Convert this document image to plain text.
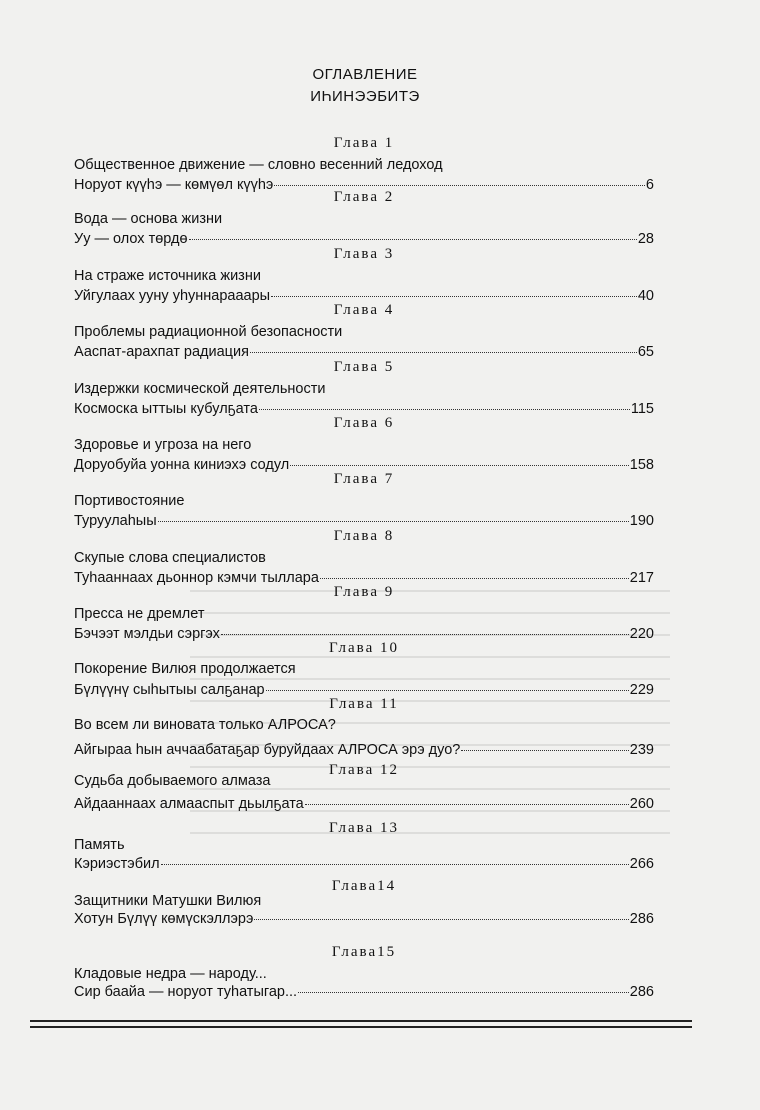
ОГЛАВЛЕНИЕ
ИҺИНЭЭБИТЭ
Глава 1
Общественное движение — словно весенний ледоход
Норуот күүһэ — көмүөл күүһэ	6
Глава 2
Вода — основа жизни
Уу — олох төрдө	28
Глава 3
На страже источника жизни
Уйгулаах ууну уһуннарааары	40
Глава 4
Проблемы радиационной безопасности
Ааспат-арахпат радиация	65
Глава 5
Издержки космической деятельности
Космоска ыттыы кубулҕата	115
Глава 6
Здоровье и угроза на него
Доруобуйа уонна киниэхэ содул	158
Глава 7
Портивостояние
Туруулаһыы	190
Глава 8
Скупые слова специалистов
Туһааннаах дьоннор кэмчи тыллара	217
Глава 9
Пресса не дремлет
Бэчээт мэлдьи сэргэх	220
Глава 10
Покорение Вилюя продолжается
Бүлүүнү сыһытыы салҕанар	229
Глава 11
Во всем ли виновата только АЛРОСА?
Айгыраа һын аччаабатаҕар буруйдаах АЛРОСА эрэ дуо?	239
Глава 12
Судьба добываемого алмаза
Айдааннаах алмааспыт дьылҕата	260
Глава 13
Память
Кэриэстэбил	266
Глава14
Защитники Матушки Вилюя
Хотун Бүлүү көмүскэллэрэ	286
Глава15
Кладовые недра — народу...
Сир баайа — норуот туһатыгар...	286
